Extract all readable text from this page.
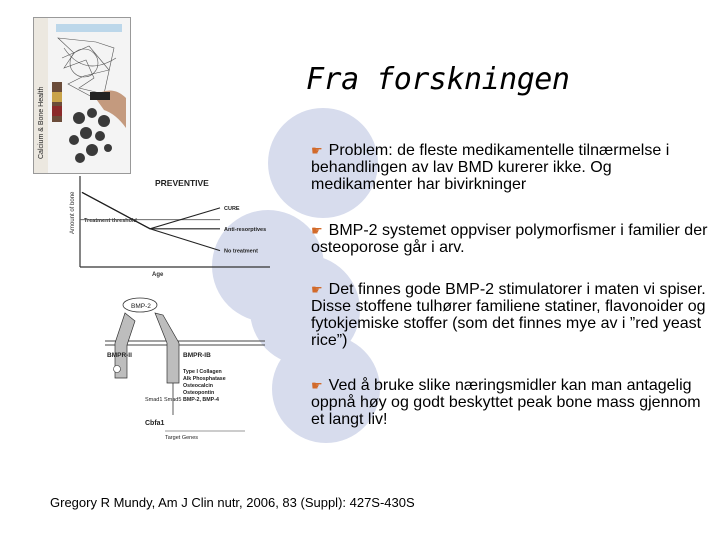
Calcium & Bone Health
Fra forskningen
☛ Problem: de fleste medikamentelle tilnærmelse i behandlingen av lav BMD kurerer ikke. Og medikamenter har bivirkninger
☛ BMP-2 systemet oppviser polymorfismer i familier der osteoporose går i arv.
☛ Det finnes gode BMP-2 stimulatorer i maten vi spiser. Disse stoffene tulhører familiene statiner, flavonoider og fytokjemiske stoffer (som det finnes mye av i ”red yeast rice”)
☛ Ved å bruke slike næringsmidler kan man antagelig oppnå høy og godt beskyttet peak bone mass gjennom et langt liv!
Amount of bone
Age
PREVENTIVE
Treatment threshold
CURE
Anti-resorptives
No treatment
BMP-2
BMPR-II	BMPR-IB
Smad1 Smad5
Cbfa1
Target Genes
Type I Collagen
Alk Phosphatase
Osteocalcin
Osteopontin
BMP-2, BMP-4
Gregory R Mundy, Am J Clin nutr, 2006, 83 (Suppl): 427S-430S
